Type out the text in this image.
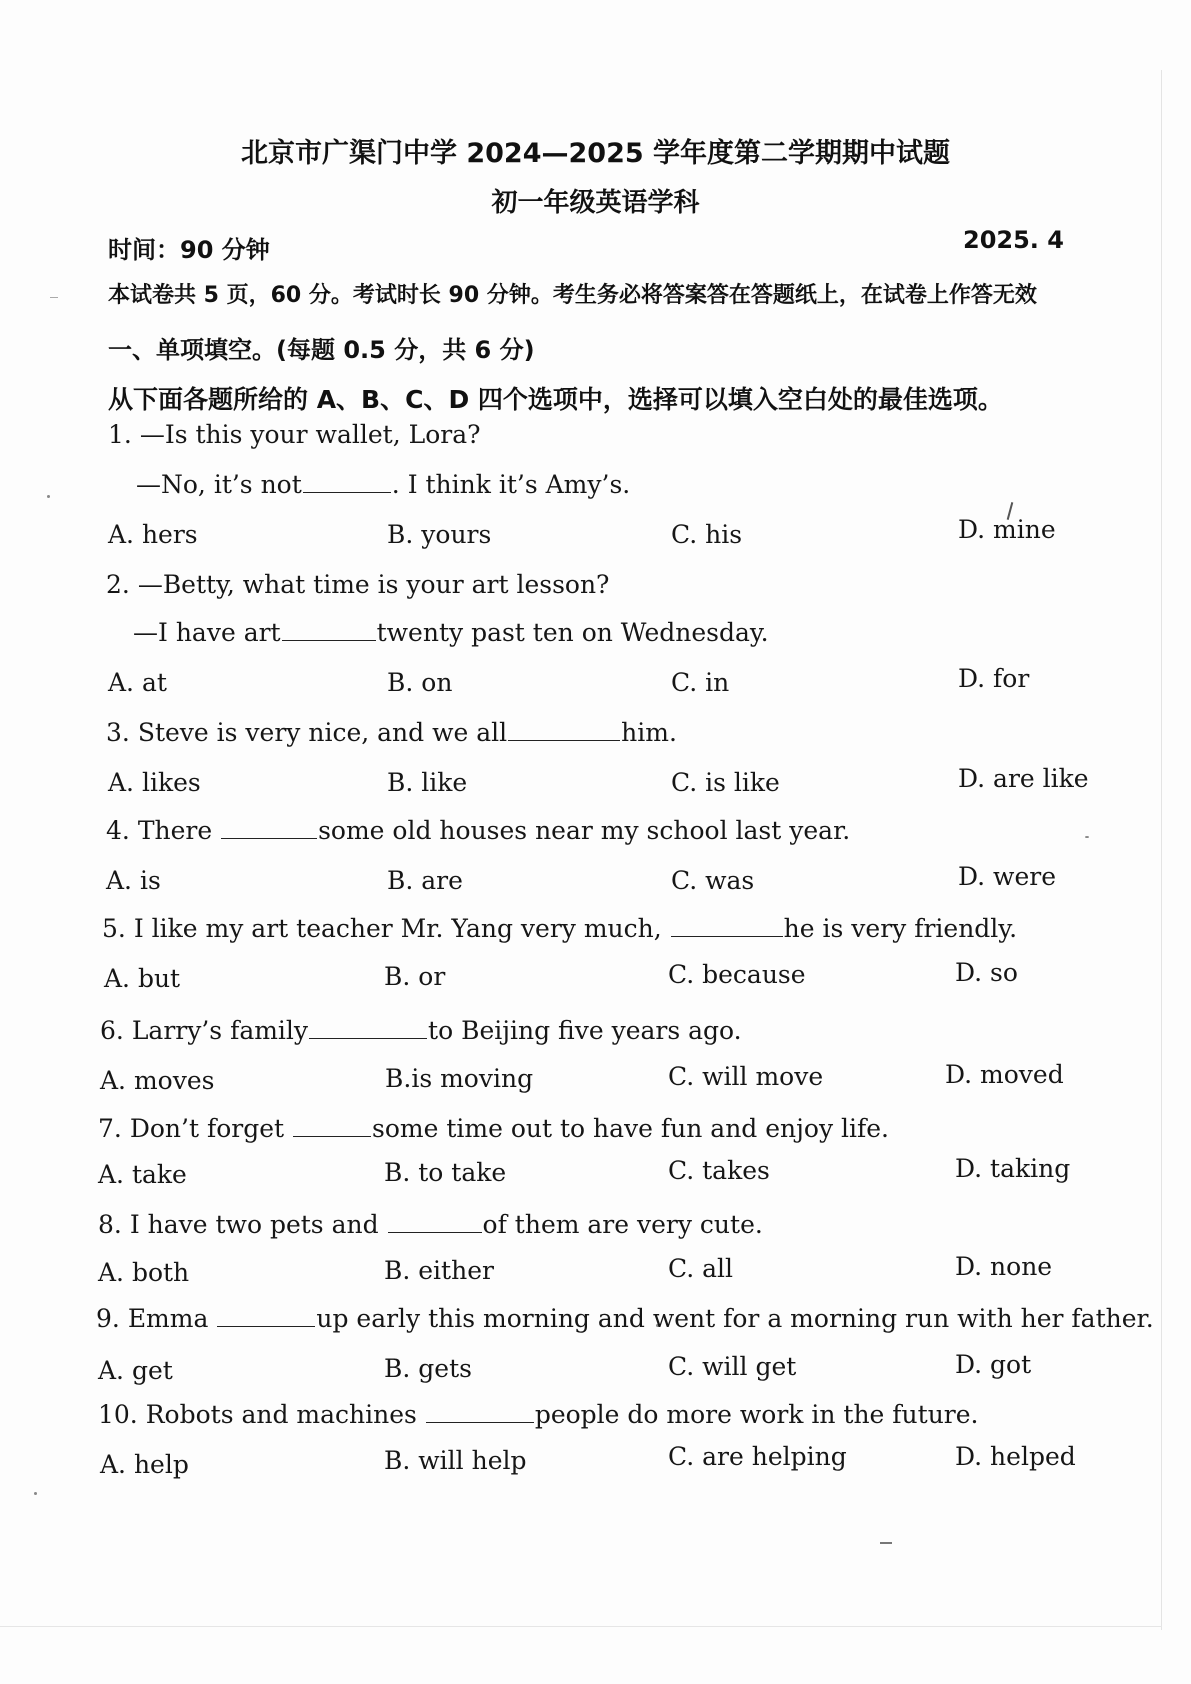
北京市广渠门中学 2024—2025 学年度第二学期期中试题
初一年级英语学科
时间：90 分钟	2025. 4
本试卷共 5 页，60 分。考试时长 90 分钟。考生务必将答案答在答题纸上，在试卷上作答无效
一、单项填空。(每题 0.5 分，共 6 分)
从下面各题所给的 A、B、C、D 四个选项中，选择可以填入空白处的最佳选项。
1. —Is this your wallet, Lora?
—No, it’s not	. I think it’s Amy’s.
A. hers	B. yours	C. his	D. mine
2. —Betty, what time is your art lesson?
—I have art	twenty past ten on Wednesday.
A. at	B. on	C. in	D. for
3. Steve is very nice, and we all	him.
A. likes	B. like	C. is like	D. are like
4. There	some old houses near my school last year.
A. is	B. are	C. was	D. were
5. I like my art teacher Mr. Yang very much,	he is very friendly.
A. but	B. or	C. because	D. so
6. Larry’s family	to Beijing five years ago.
A. moves	B.is moving	C. will move	D. moved
7. Don’t forget	some time out to have fun and enjoy life.
A. take	B. to take	C. takes	D. taking
8. I have two pets and	of them are very cute.
A. both	B. either	C. all	D. none
9. Emma	up early this morning and went for a morning run with her father.
A. get	B. gets	C. will get	D. got
10. Robots and machines	people do more work in the future.
A. help	B. will help	C. are helping	D. helped
